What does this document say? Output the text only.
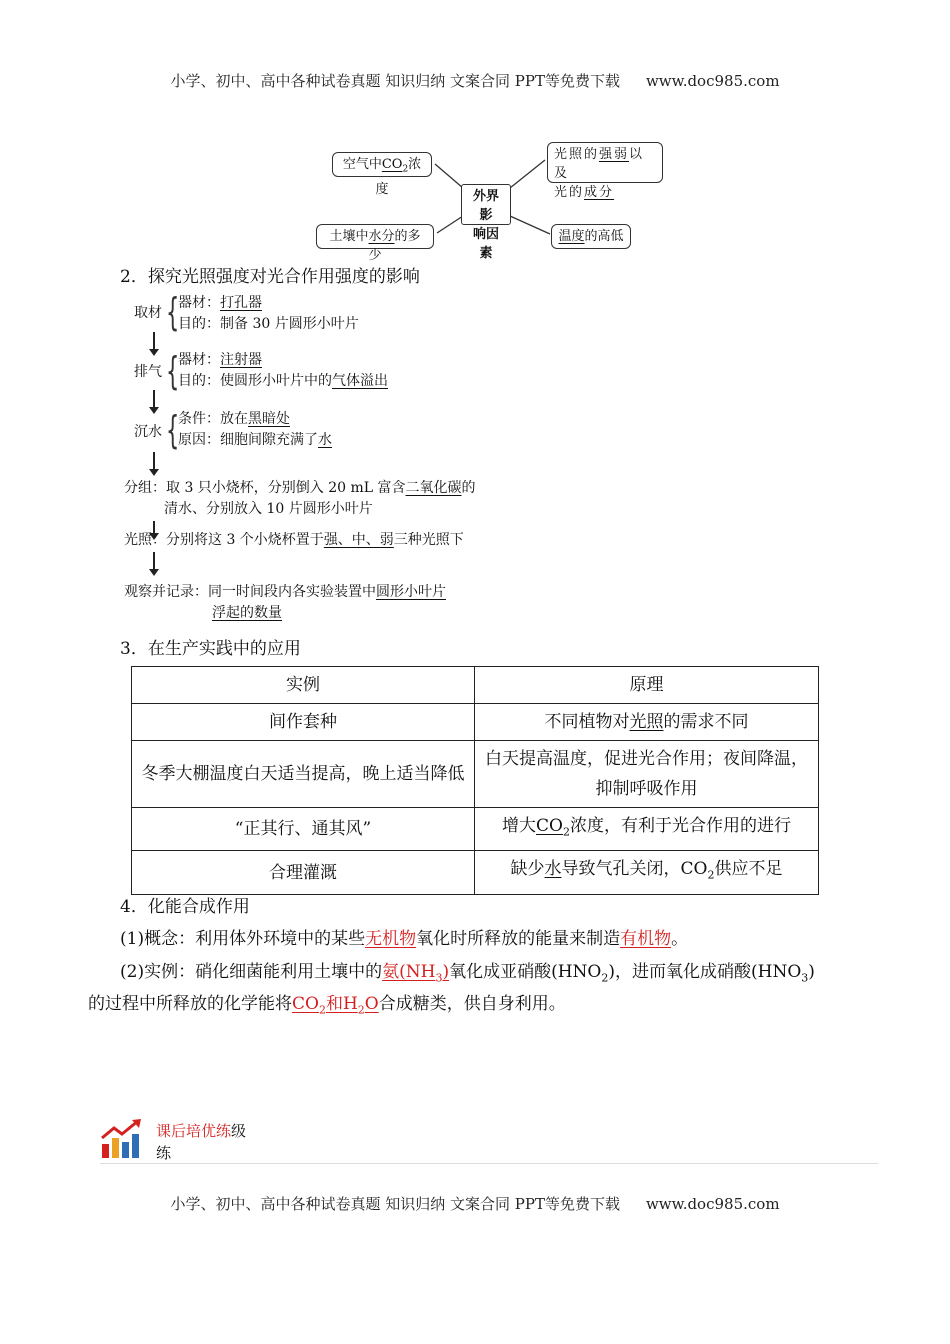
小学、初中、高中各种试卷真题 知识归纳 文案合同 PPT等免费下载 www.doc985.com
空气中$CO_2$浓度
光照的强弱以及
光的成分
外界影
响因素
土壤中水分的多少
温度的高低
2．探究光照强度对光合作用强度的影响
取材 {
器材：打孔器
目的：制备 30 片圆形小叶片
排气 {
器材：注射器
目的：使圆形小叶片中的气体溢出
沉水 {
条件：放在黑暗处
原因：细胞间隙充满了水
分组：取 3 只小烧杯，分别倒入 20 mL 富含二氧化碳的
清水、分别放入 10 片圆形小叶片
光照：分别将这 3 个小烧杯置于强、中、弱三种光照下
观察并记录：同一时间段内各实验装置中圆形小叶片
浮起的数量
3．在生产实践中的应用
实例	原理
间作套种	不同植物对光照的需求不同
冬季大棚温度白天适当提高，晚上适当降低	白天提高温度，促进光合作用；夜间降温，抑制呼吸作用
“正其行、通其风”	增大$CO_2$浓度，有利于光合作用的进行
合理灌溉	缺少水导致气孔关闭，$CO_2$供应不足
4．化能合成作用
(1)概念：利用体外环境中的某些无机物氧化时所释放的能量来制造有机物。
(2)实例：硝化细菌能利用土壤中的氨$(NH_3)$氧化成亚硝酸$(HNO_2)$，进而氧化成硝酸$(HNO_3)$
的过程中所释放的化学能将$CO_2$和$H_2O$合成糖类，供自身利用。
课后培优练级
练
小学、初中、高中各种试卷真题 知识归纳 文案合同 PPT等免费下载 www.doc985.com
